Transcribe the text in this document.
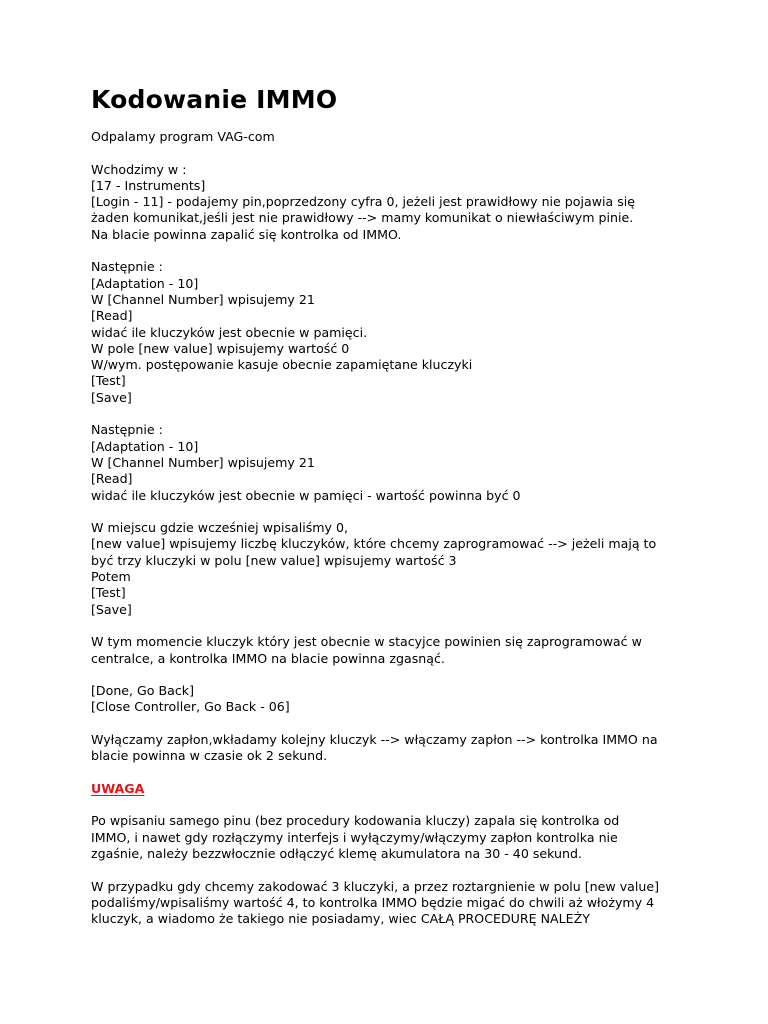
Kodowanie IMMO
Odpalamy program VAG-com
Wchodzimy w :
[17 - Instruments]
[Login - 11] - podajemy pin,poprzedzony cyfra 0, jeżeli jest prawidłowy nie pojawia się
żaden komunikat,jeśli jest nie prawidłowy --> mamy komunikat o niewłaściwym pinie.
Na blacie powinna zapalić się kontrolka od IMMO.
Następnie :
[Adaptation - 10]
W [Channel Number] wpisujemy 21
[Read]
widać ile kluczyków jest obecnie w pamięci.
W pole [new value] wpisujemy wartość 0
W/wym. postępowanie kasuje obecnie zapamiętane kluczyki
[Test]
[Save]
Następnie :
[Adaptation - 10]
W [Channel Number] wpisujemy 21
[Read]
widać ile kluczyków jest obecnie w pamięci - wartość powinna być 0
W miejscu gdzie wcześniej wpisaliśmy 0,
[new value] wpisujemy liczbę kluczyków, które chcemy zaprogramować --> jeżeli mają to
być trzy kluczyki w polu [new value] wpisujemy wartość 3
Potem
[Test]
[Save]
W tym momencie kluczyk który jest obecnie w stacyjce powinien się zaprogramować w
centralce, a kontrolka IMMO na blacie powinna zgasnąć.
[Done, Go Back]
[Close Controller, Go Back - 06]
Wyłączamy zapłon,wkładamy kolejny kluczyk --> włączamy zapłon --> kontrolka IMMO na
blacie powinna w czasie ok 2 sekund.
UWAGA
Po wpisaniu samego pinu (bez procedury kodowania kluczy) zapala się kontrolka od
IMMO, i nawet gdy rozłączymy interfejs i wyłączymy/włączymy zapłon kontrolka nie
zgaśnie, należy bezzwłocznie odłączyć klemę akumulatora na 30 - 40 sekund.
W przypadku gdy chcemy zakodować 3 kluczyki, a przez roztargnienie w polu [new value]
podaliśmy/wpisaliśmy wartość 4, to kontrolka IMMO będzie migać do chwili aż włożymy 4
kluczyk, a wiadomo że takiego nie posiadamy, wiec CAŁĄ PROCEDURĘ NALEŻY
